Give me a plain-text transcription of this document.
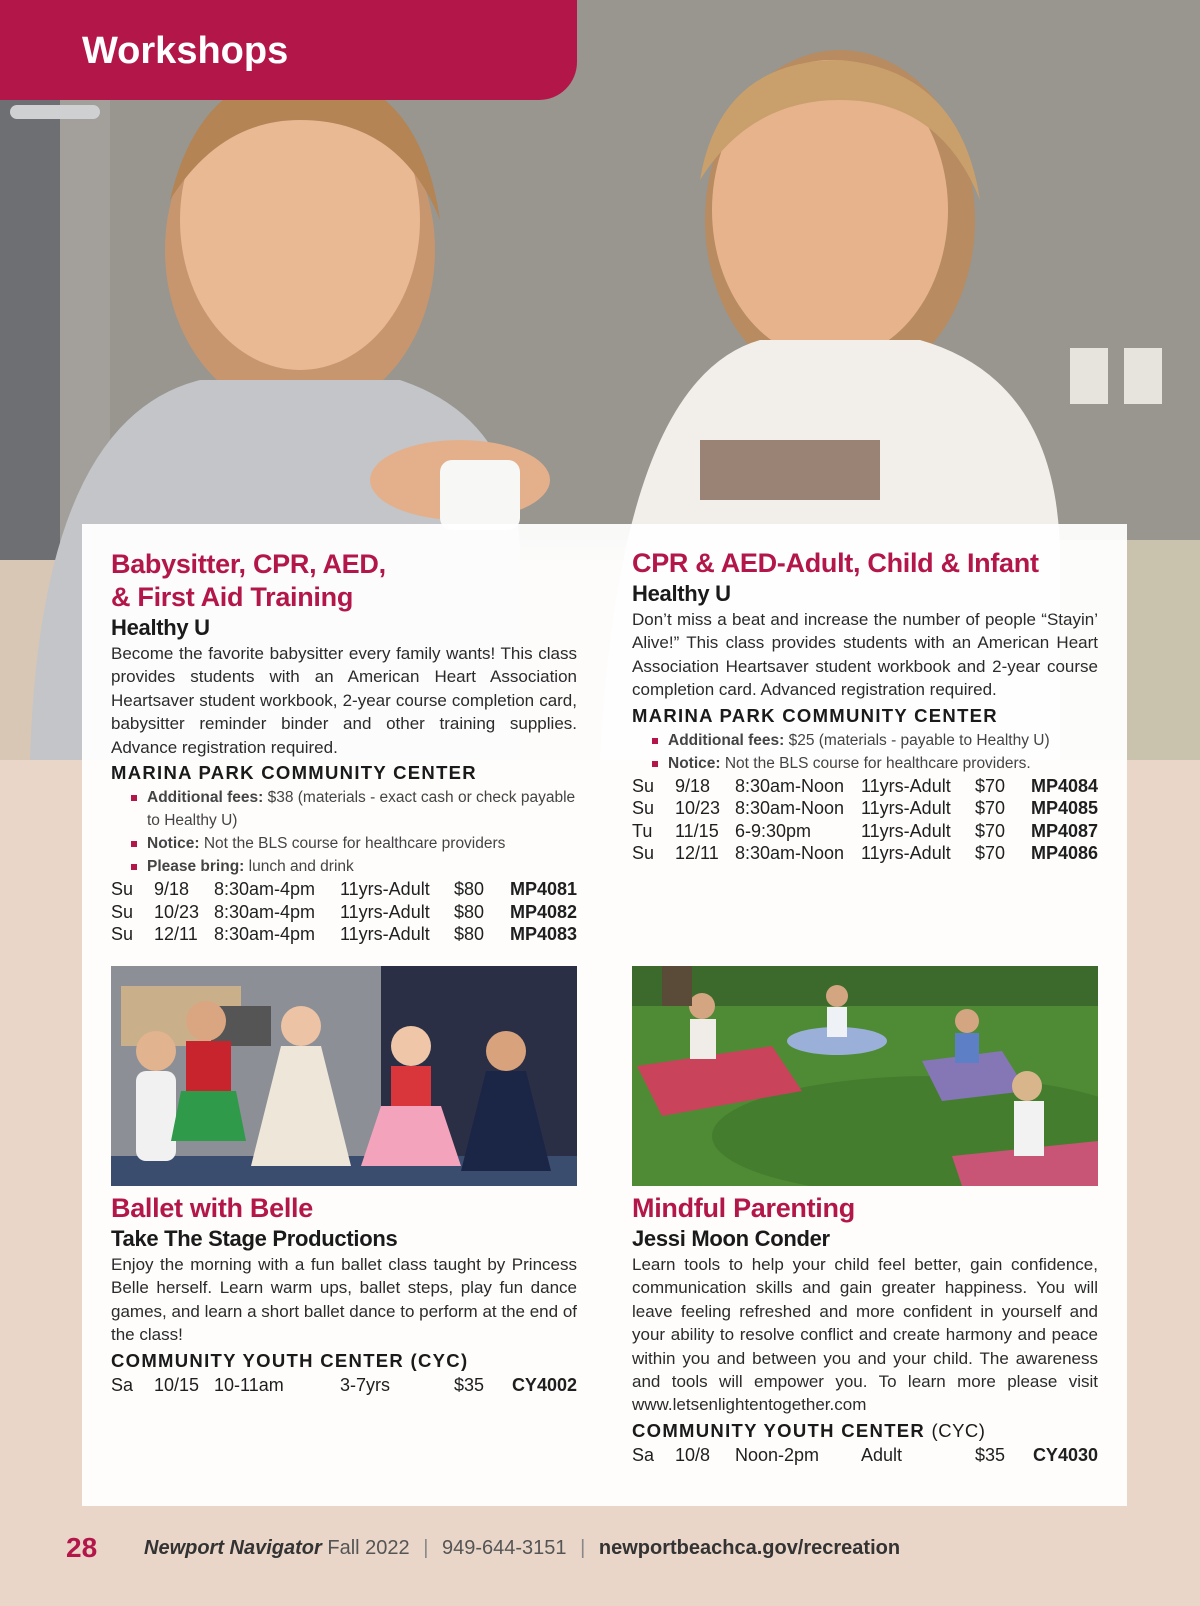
Workshops
Babysitter, CPR, AED,
& First Aid Training
Healthy U
Become the favorite babysitter every family wants! This class provides students with an American Heart Association Heartsaver student workbook, 2-year course completion card, babysitter reminder binder and other training supplies. Advance registration required.
MARINA PARK COMMUNITY CENTER
Additional fees: $38 (materials - exact cash or check payable to Healthy U)
Notice: Not the BLS course for healthcare providers
Please bring: lunch and drink
Su	9/18	8:30am-4pm	11yrs-Adult	$80	MP4081
Su	10/23	8:30am-4pm	11yrs-Adult	$80	MP4082
Su	12/11	8:30am-4pm	11yrs-Adult	$80	MP4083
CPR & AED-Adult, Child & Infant
Healthy U
Don’t miss a beat and increase the number of people “Stayin’ Alive!” This class provides students with an American Heart Association Heartsaver student workbook and 2-year course completion card. Advanced registration required.
MARINA PARK COMMUNITY CENTER
Additional fees: $25 (materials - payable to Healthy U)
Notice: Not the BLS course for healthcare providers.
Su	9/18	8:30am-Noon	11yrs-Adult	$70	MP4084
Su	10/23	8:30am-Noon	11yrs-Adult	$70	MP4085
Tu	11/15	6-9:30pm	11yrs-Adult	$70	MP4087
Su	12/11	8:30am-Noon	11yrs-Adult	$70	MP4086
Ballet with Belle
Take The Stage Productions
Enjoy the morning with a fun ballet class taught by Princess Belle herself. Learn warm ups, ballet steps, play fun dance games, and learn a short ballet dance to perform at the end of the class!
COMMUNITY YOUTH CENTER (CYC)
Sa	10/15	10-11am	3-7yrs	$35	CY4002
Mindful Parenting
Jessi Moon Conder
Learn tools to help your child feel better, gain confidence, communication skills and gain greater happiness. You will leave feeling refreshed and more confident in yourself and your ability to resolve conflict and create harmony and peace within you and between you and your child. The awareness and tools will empower you. To learn more please visit www.letsenlightentogether.com
COMMUNITY YOUTH CENTER (CYC)
Sa	10/8	Noon-2pm	Adult	$35	CY4030
28 Newport Navigator Fall 2022 | 949-644-3151 | newportbeachca.gov/recreation
